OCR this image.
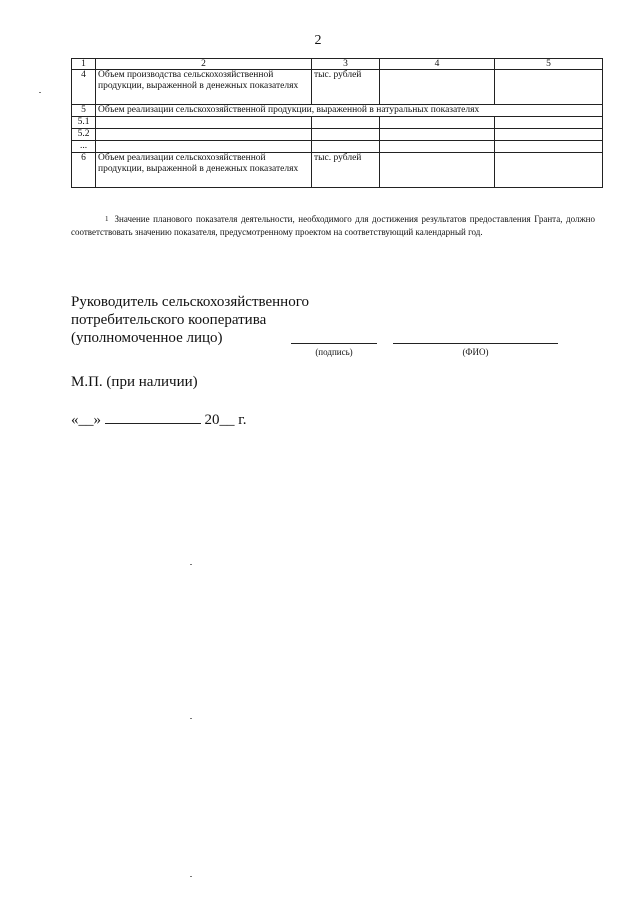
2
1	2	3	4	5
4	Объем производства сельскохозяйственной продукции, выраженной в денежных показателях	тыс. рублей		
5	Объем реализации сельскохозяйственной продукции, выраженной в натуральных показателях			
5.1				
5.2				
...				
6	Объем реализации сельскохозяйственной продукции, выраженной в денежных показателях	тыс. рублей		
$^1$ Значение планового показателя деятельности, необходимого для достижения результатов предоставления Гранта, должно соответствовать значению показателя, предусмотренному проектом на соответствующий календарный год.
Руководитель сельскохозяйственного
потребительского кооператива
(уполномоченное лицо)
(подпись)	(ФИО)
М.П. (при наличии)
«__»	20__ г.
